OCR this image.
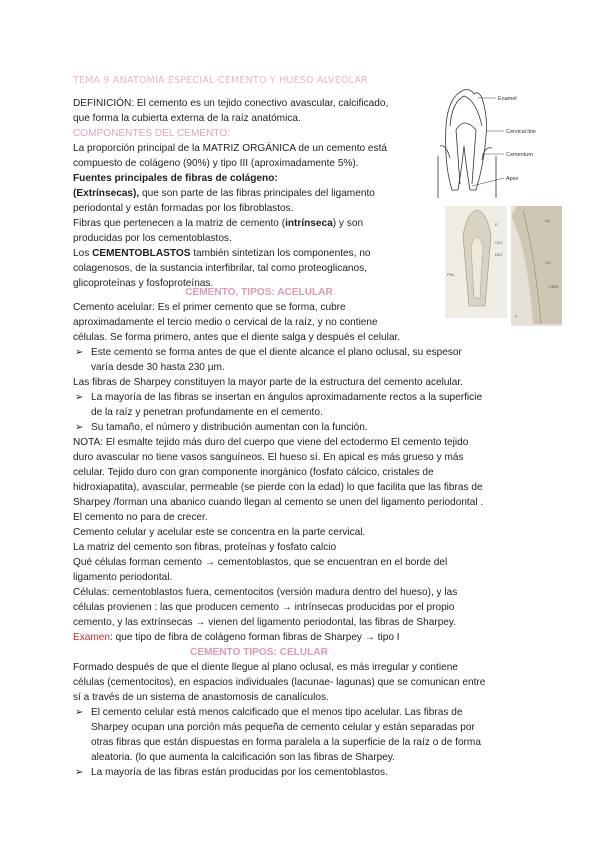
TEMA 9 ANATOMÍA ESPECIAL-CEMENTO Y HUESO ALVEOLAR
DEFINICIÓN: El cemento es un tejido conectivo avascular, calcificado,
que forma la cubierta externa de la raíz anatómica.
COMPONENTES DEL CEMENTO:
La proporción principal de la MATRIZ ORGÁNICA de un cemento está
compuesto de colágeno (90%) y tipo III (aproximadamente 5%).
Fuentes principales de fibras de colágeno:
(Extrínsecas), que son parte de las fibras principales del ligamento
periodontal y están formadas por los fibroblastos.
Fibras que pertenecen a la matriz de cemento (intrínseca) y son
producidas por los cementoblastos.
Los CEMENTOBLASTOS también sintetizan los componentes, no
colagenosos, de la sustancia interfibrilar, tal como proteoglicanos,
glicoproteínas y fosfoproteínas.
CEMENTO, TIPOS: ACELULAR
Cemento acelular: Es el primer cemento que se forma, cubre
aproximadamente el tercio medio o cervical de la raíz, y no contiene
células. Se forma primero, antes que el diente salga y después el celular.
➢ Este cemento se forma antes de que el diente alcance el plano oclusal, su espesor
varía desde 30 hasta 230 µm.
Las fibras de Sharpey constituyen la mayor parte de la estructura del cemento acelular.
➢ La mayoría de las fibras se insertan en ángulos aproximadamente rectos a la superficie
de la raíz y penetran profundamente en el cemento.
➢ Su tamaño, el número y distribución aumentan con la función.
NOTA: El esmalte tejido más duro del cuerpo que viene del ectodermo El cemento tejido
duro avascular no tiene vasos sanguíneos. El hueso sí. En apical es más grueso y más
celular. Tejido duro con gran componente inorgánico (fosfato cálcico, cristales de
hidroxiapatita), avascular, permeable (se pierde con la edad) lo que facilita que las fibras de
Sharpey /forman una abanico cuando llegan al cemento se unen del ligamento periodontal .
El cemento no para de crecer.
Cemento celular y acelular este se concentra en la parte cervical.
La matriz del cemento son fibras, proteínas y fosfato calcio
Qué células forman cemento → cementoblastos, que se encuentran en el borde del
ligamento periodontal.
Células: cementoblastos fuera, cementocitos (versión madura dentro del hueso), y las
células provienen : las que producen cemento → intrínsecas producidas por el propio
cemento, y las extrínsecas → vienen del ligamento periodontal, las fibras de Sharpey.
Examen: que tipo de fibra de colágeno forman fibras de Sharpey → tipo I
CEMENTO TIPOS: CELULAR
Formado después de que el diente llegue al plano oclusal, es más irregular y contiene
células (cementocitos), en espacios individuales (lacunae- lagunas) que se comunican entre
sí a través de un sistema de anastomosis de canalículos.
➢ El cemento celular está menos calcificado que el menos tipo acelular. Las fibras de
Sharpey ocupan una porción más pequeña de cemento celular y están separadas por
otras fibras que están dispuestas en forma paralela a la superficie de la raíz o de forma
aleatoria. (lo que aumenta la calcificación son las fibras de Sharpey.
➢ La mayoría de las fibras están producidas por los cementoblastos.
Enamel
Cervical line
Cementum
Apex
E
CEJ
DEJ
PDL
AC
CC
CEM.
P
